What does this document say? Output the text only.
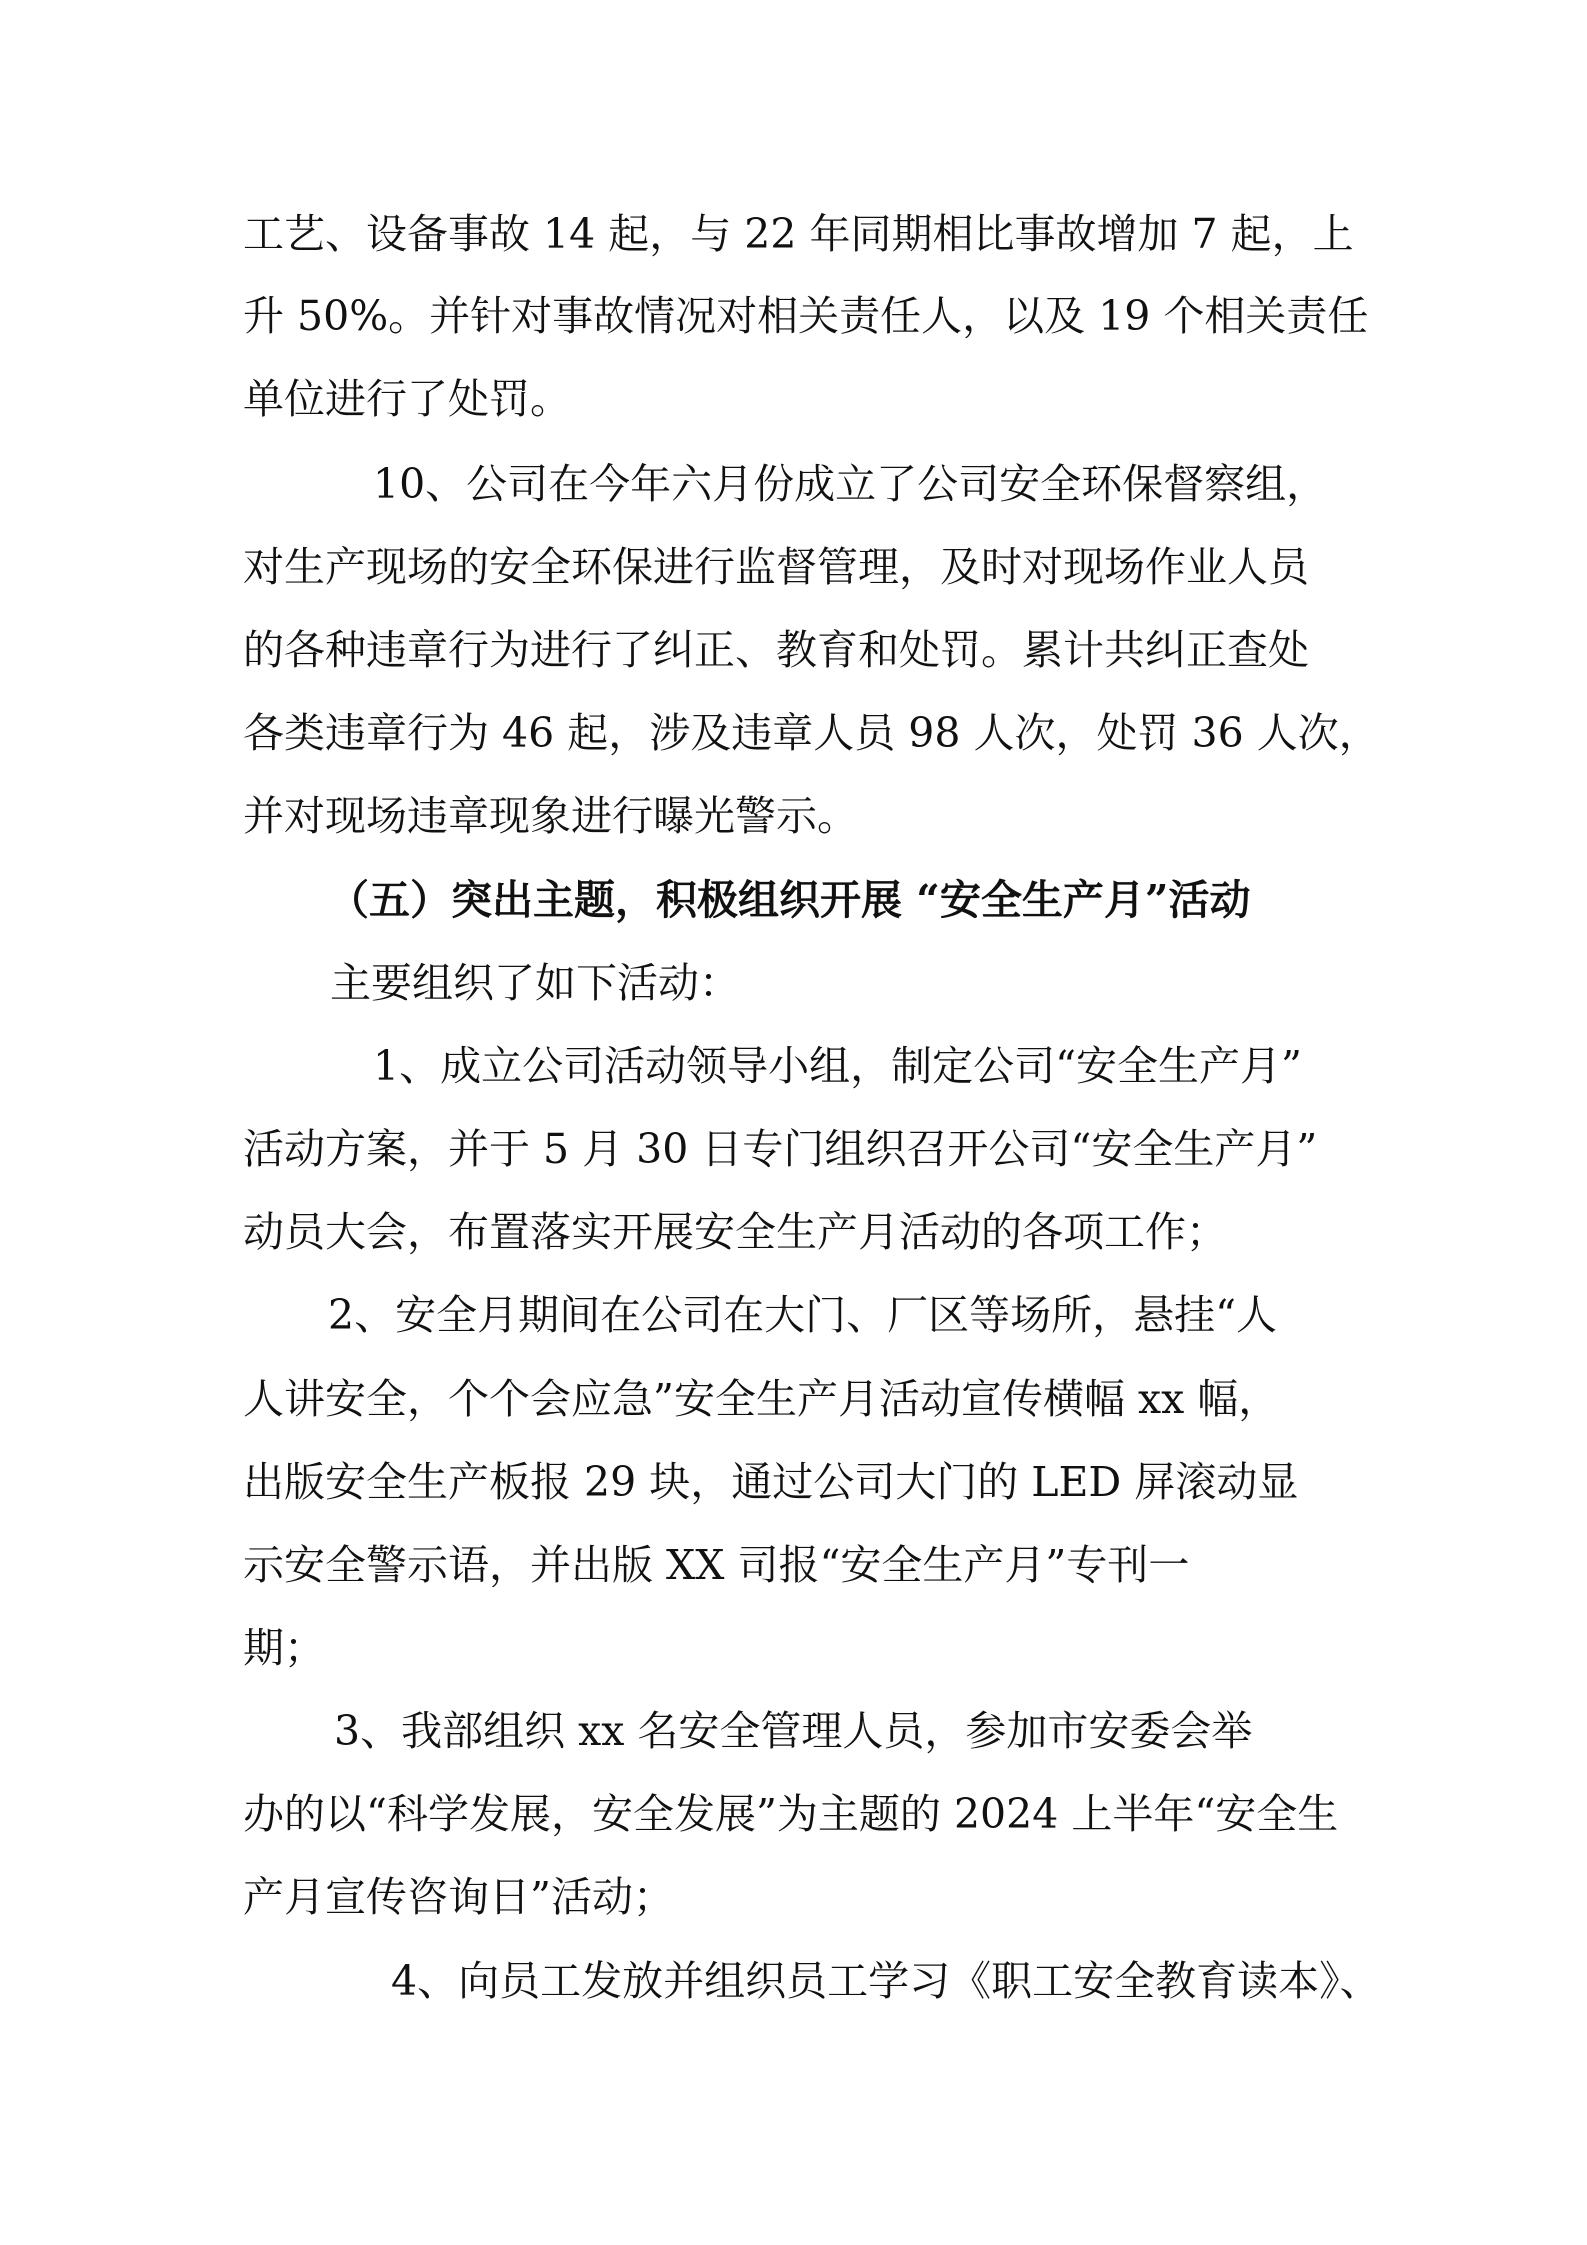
工艺、设备事故 14 起，与 22 年同期相比事故增加 7 起，上
升 50%。并针对事故情况对相关责任人，以及 19 个相关责任
单位进行了处罚。
10、公司在今年六月份成立了公司安全环保督察组，
对生产现场的安全环保进行监督管理，及时对现场作业人员
的各种违章行为进行了纠正、教育和处罚。累计共纠正查处
各类违章行为 46 起，涉及违章人员 98 人次，处罚 36 人次，
并对现场违章现象进行曝光警示。
（五）突出主题，积极组织开展 “安全生产月”活动
主要组织了如下活动：
1、成立公司活动领导小组，制定公司“安全生产月”
活动方案，并于 5 月 30 日专门组织召开公司“安全生产月”
动员大会，布置落实开展安全生产月活动的各项工作；
2、安全月期间在公司在大门、厂区等场所，悬挂“人
人讲安全，个个会应急”安全生产月活动宣传横幅 xx 幅，
出版安全生产板报 29 块，通过公司大门的 LED 屏滚动显
示安全警示语，并出版 XX 司报“安全生产月”专刊一
期；
3、我部组织 xx 名安全管理人员，参加市安委会举
办的以“科学发展，安全发展”为主题的 2024 上半年“安全生
产月宣传咨询日”活动；
4、向员工发放并组织员工学习《职工安全教育读本》、
